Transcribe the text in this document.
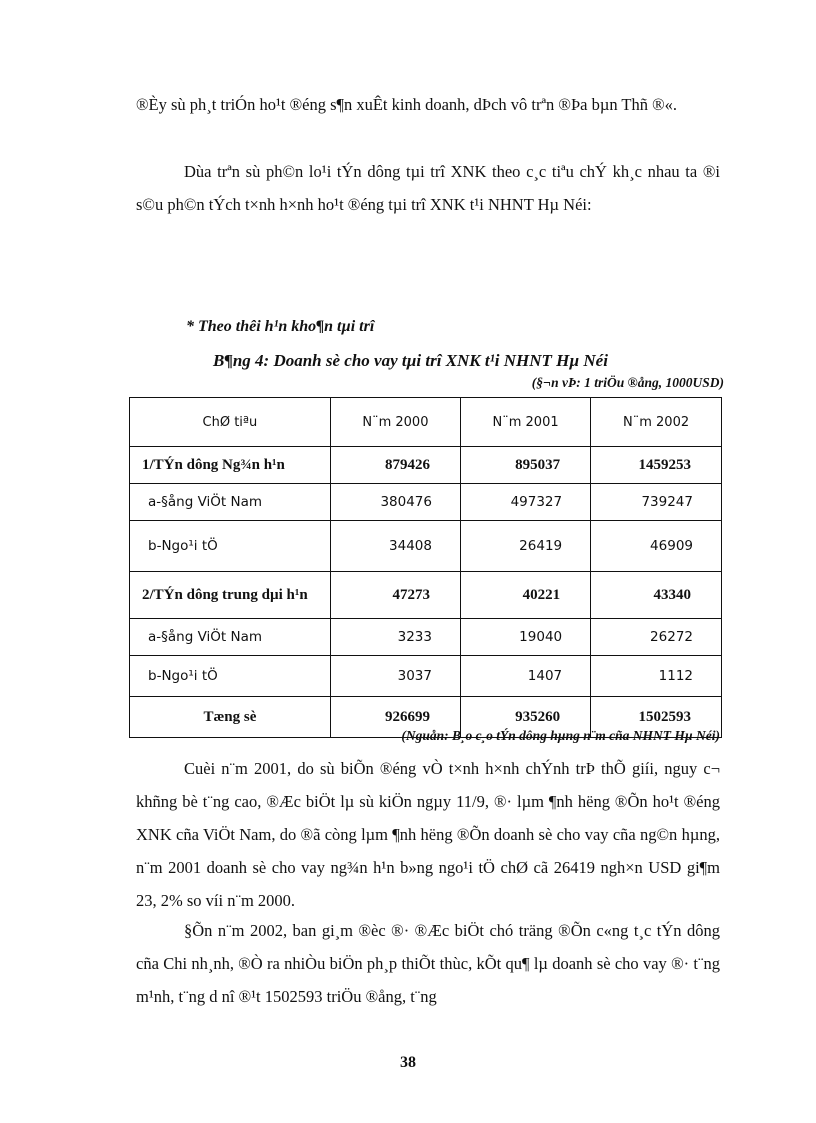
®Èy sù ph¸t triÓn ho¹t ®éng s¶n xuÊt kinh doanh, dÞch vô trªn ®Þa bµn Thñ ®«.

Dùa trªn sù ph©n lo¹i tÝn dông tµi trî XNK theo c¸c tiªu chÝ kh¸c nhau ta ®i s©u ph©n tÝch t×nh h×nh ho¹t ®éng tµi trî XNK t¹i NHNT Hµ Néi:

* Theo thêi h¹n kho¶n tµi trî
B¶ng 4: Doanh sè cho vay tµi trî XNK t¹i NHNT Hµ Néi
(§¬n vÞ: 1 triÖu ®ång, 1000USD)
ChØ tiªu	N¨m 2000	N¨m 2001	N¨m 2002
1/TÝn dông Ng¾n h¹n	879426	895037	1459253
a-§ång ViÖt Nam	380476	497327	739247
b-Ngo¹i tÖ	34408	26419	46909
2/TÝn dông trung dµi h¹n	47273	40221	43340
a-§ång ViÖt Nam	3233	19040	26272
b-Ngo¹i tÖ	3037	1407	1112
Tæng sè	926699	935260	1502593
(Nguån: B¸o c¸o tÝn dông hµng n¨m cña NHNT Hµ Néi)

Cuèi n¨m 2001, do sù biÕn ®éng vÒ t×nh h×nh chÝnh trÞ thÕ giíi, nguy c¬ khñng bè t¨ng cao, ®Æc biÖt lµ sù kiÖn ngµy 11/9, ®· lµm ¶nh hëng ®Õn ho¹t ®éng XNK cña ViÖt Nam, do ®ã còng lµm ¶nh hëng ®Õn doanh sè cho vay cña ng©n hµng, n¨m 2001 doanh sè cho vay ng¾n h¹n b»ng ngo¹i tÖ chØ cã 26419 ngh×n USD gi¶m 23, 2% so víi n¨m 2000.

§Õn n¨m 2002, ban gi¸m ®èc ®· ®Æc biÖt chó träng ®Õn c«ng t¸c tÝn dông cña Chi nh¸nh, ®Ò ra nhiÒu biÖn ph¸p thiÕt thùc, kÕt qu¶ lµ doanh sè cho vay ®· t¨ng m¹nh, t¨ng d nî ®¹t 1502593 triÖu ®ång, t¨ng

38
